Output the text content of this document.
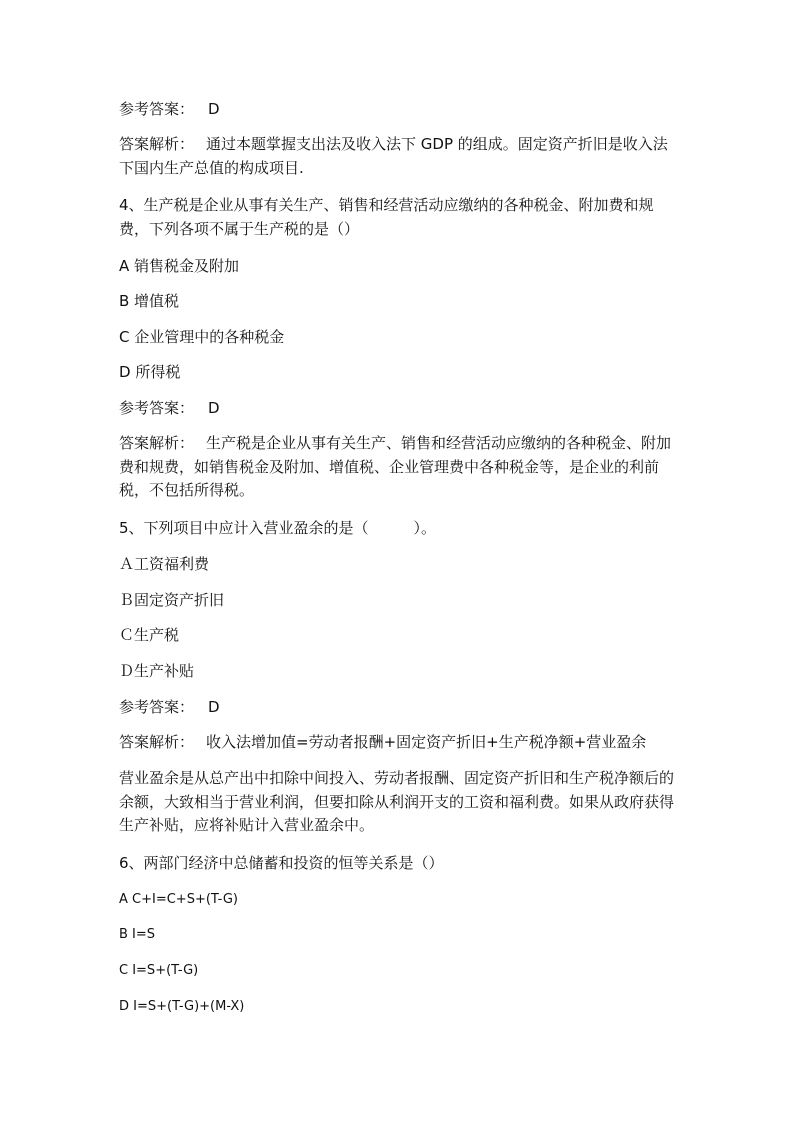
参考答案： D
答案解析： 通过本题掌握支出法及收入法下 GDP 的组成。固定资产折旧是收入法下国内生产总值的构成项目.
4、生产税是企业从事有关生产、销售和经营活动应缴纳的各种税金、附加费和规费，下列各项不属于生产税的是（）
A 销售税金及附加
B 增值税
C 企业管理中的各种税金
D 所得税
参考答案： D
答案解析： 生产税是企业从事有关生产、销售和经营活动应缴纳的各种税金、附加费和规费，如销售税金及附加、增值税、企业管理费中各种税金等，是企业的利前税，不包括所得税。
5、下列项目中应计入营业盈余的是（　　　）。
Ａ工资福利费
Ｂ固定资产折旧
Ｃ生产税
Ｄ生产补贴
参考答案： D
答案解析： 收入法增加值=劳动者报酬+固定资产折旧+生产税净额+营业盈余
营业盈余是从总产出中扣除中间投入、劳动者报酬、固定资产折旧和生产税净额后的余额，大致相当于营业利润，但要扣除从利润开支的工资和福利费。如果从政府获得生产补贴，应将补贴计入营业盈余中。
6、两部门经济中总储蓄和投资的恒等关系是（）
A C+I=C+S+(T-G)
B I=S
C I=S+(T-G)
D I=S+(T-G)+(M-X)
